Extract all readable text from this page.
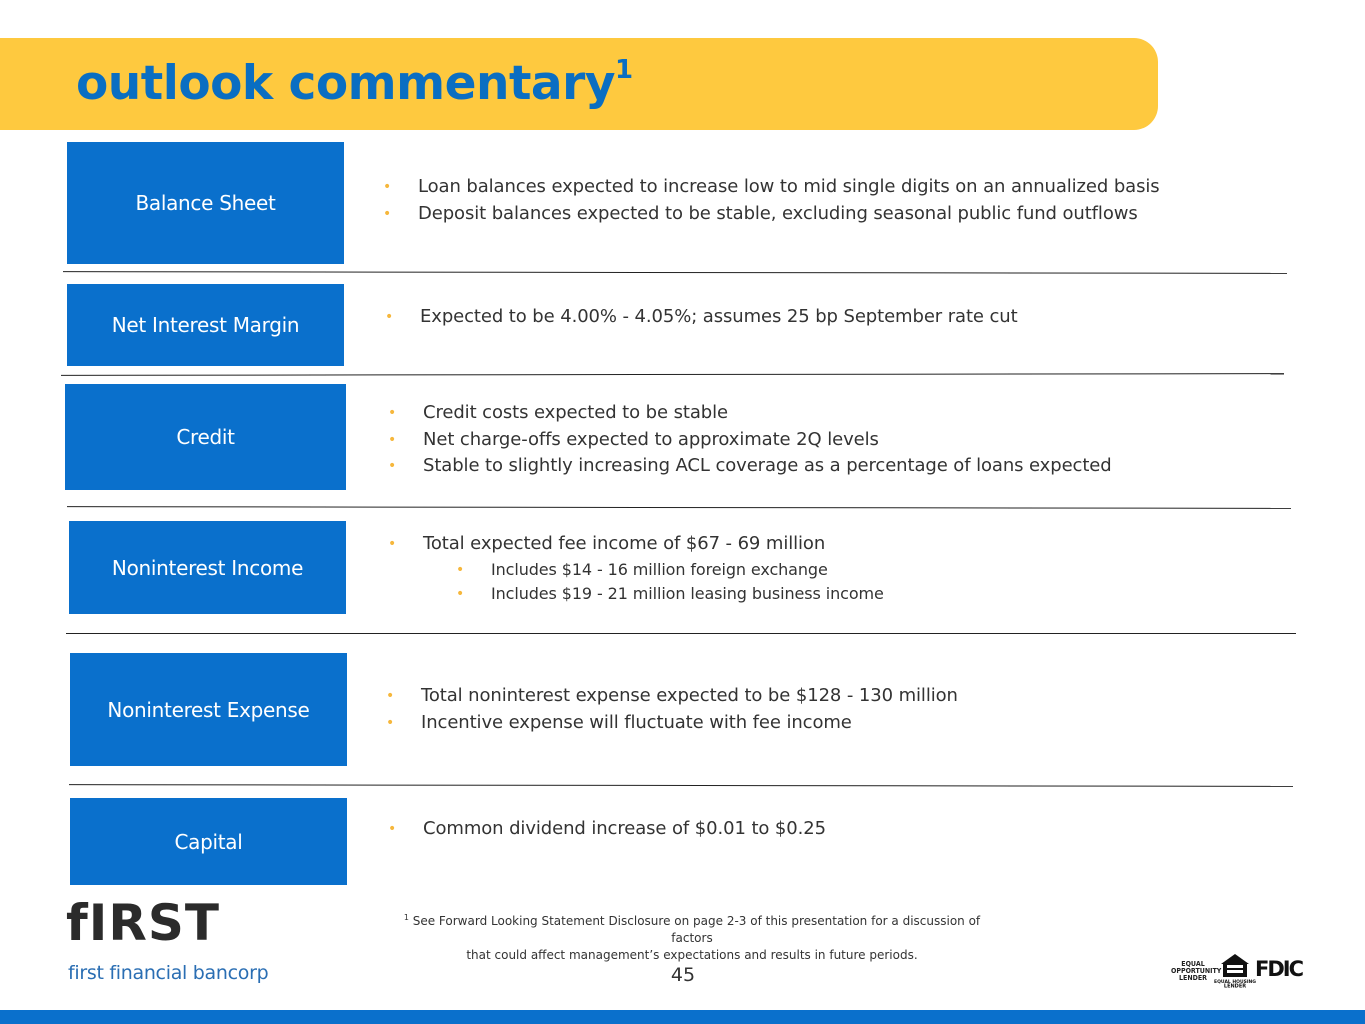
outlook commentary$^1$
Balance Sheet
• Loan balances expected to increase low to mid single digits on an annualized basis
• Deposit balances expected to be stable, excluding seasonal public fund outflows
Net Interest Margin	• Expected to be 4.00% - 4.05%; assumes 25 bp September rate cut
Credit
• Credit costs expected to be stable
• Net charge-offs expected to approximate 2Q levels
• Stable to slightly increasing ACL coverage as a percentage of loans expected
Noninterest Income
• Total expected fee income of $67 - 69 million
• Includes $14 - 16 million foreign exchange
• Includes $19 - 21 million leasing business income
Noninterest Expense
• Total noninterest expense expected to be $128 - 130 million
• Incentive expense will fluctuate with fee income
Capital
• Common dividend increase of $0.01 to $0.25
fIRST
first financial bancorp
$^1$ See Forward Looking Statement Disclosure on page 2-3 of this presentation for a discussion of factors
that could affect management’s expectations and results in future periods.
45	EQUAL
OPPORTUNITY
LENDER
EQUAL HOUSING
LENDER
FDIC
